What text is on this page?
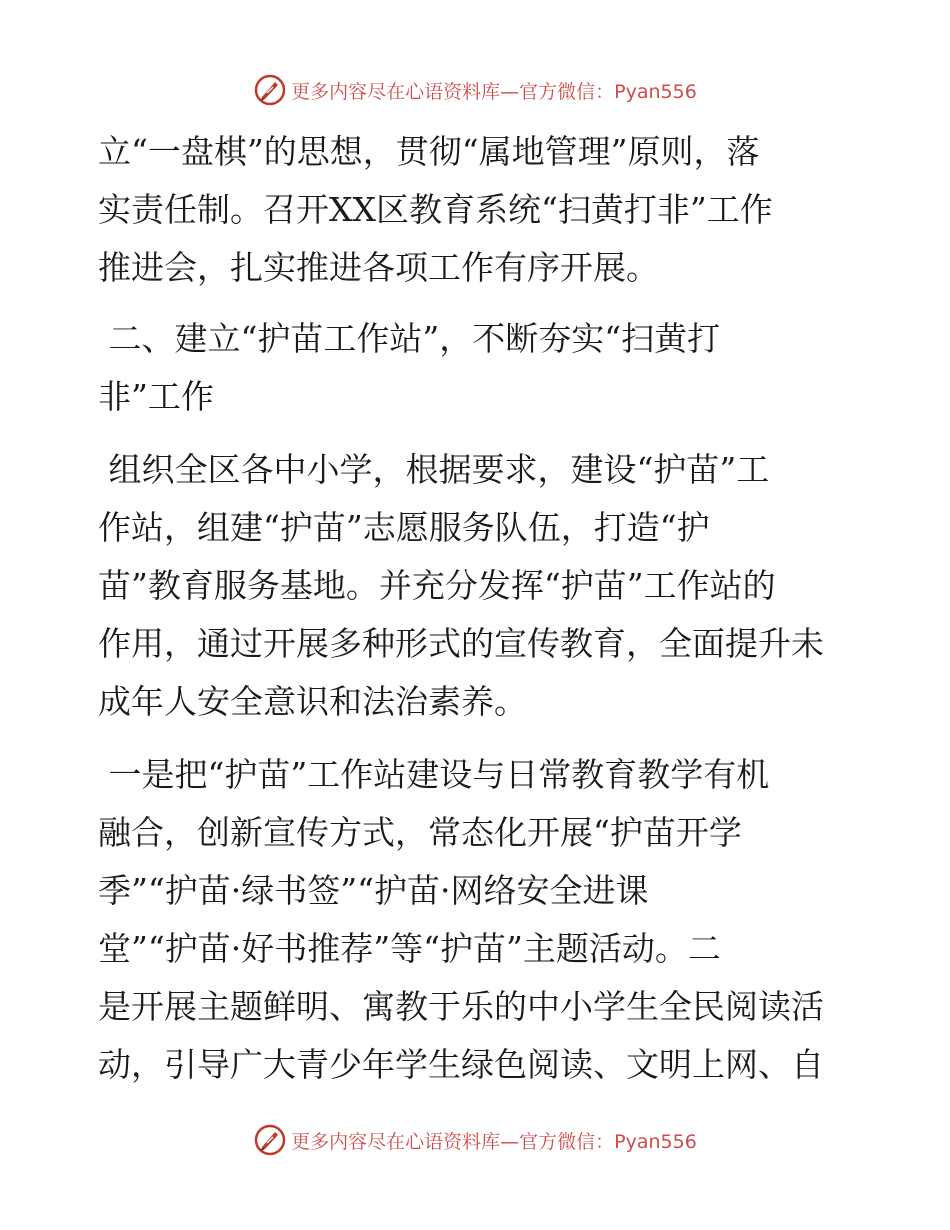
更多内容尽在心语资料库—官方微信：Pyan556
立“一盘棋”的思想，贯彻“属地管理”原则，落
实责任制。召开XX区教育系统“扫黄打非”工作
推进会，扎实推进各项工作有序开展。
二、建立“护苗工作站”，不断夯实“扫黄打
非”工作
组织全区各中小学，根据要求，建设“护苗”工
作站，组建“护苗”志愿服务队伍，打造“护
苗”教育服务基地。并充分发挥“护苗”工作站的
作用，通过开展多种形式的宣传教育，全面提升未
成年人安全意识和法治素养。
一是把“护苗”工作站建设与日常教育教学有机
融合，创新宣传方式，常态化开展“护苗开学
季”“护苗·绿书签”“护苗·网络安全进课
堂”“护苗·好书推荐”等“护苗”主题活动。二
是开展主题鲜明、寓教于乐的中小学生全民阅读活
动，引导广大青少年学生绿色阅读、文明上网、自
更多内容尽在心语资料库—官方微信：Pyan556
